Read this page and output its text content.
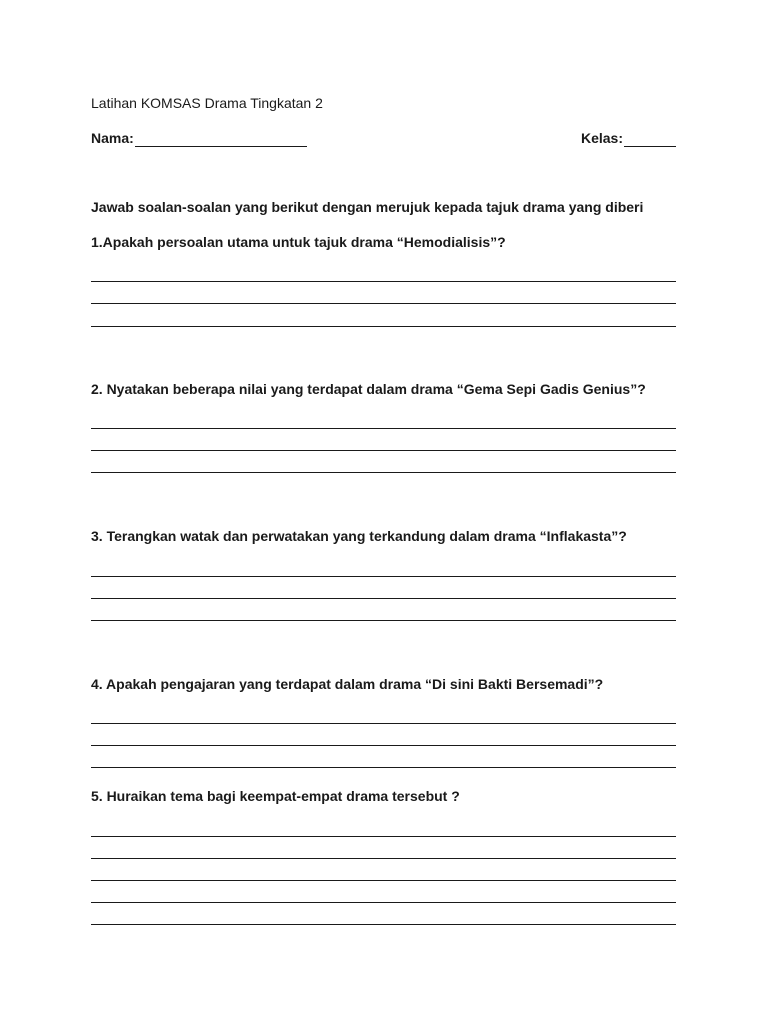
Latihan KOMSAS Drama Tingkatan 2
Nama:	Kelas:
Jawab soalan-soalan yang berikut dengan merujuk kepada tajuk drama yang diberi
1.Apakah persoalan utama untuk tajuk drama “Hemodialisis”?
2. Nyatakan beberapa nilai yang terdapat dalam drama “Gema Sepi Gadis Genius”?
3. Terangkan watak dan perwatakan yang terkandung dalam drama “Inflakasta”?
4. Apakah pengajaran yang terdapat dalam drama “Di sini Bakti Bersemadi”?
5. Huraikan tema bagi keempat-empat drama tersebut ?
